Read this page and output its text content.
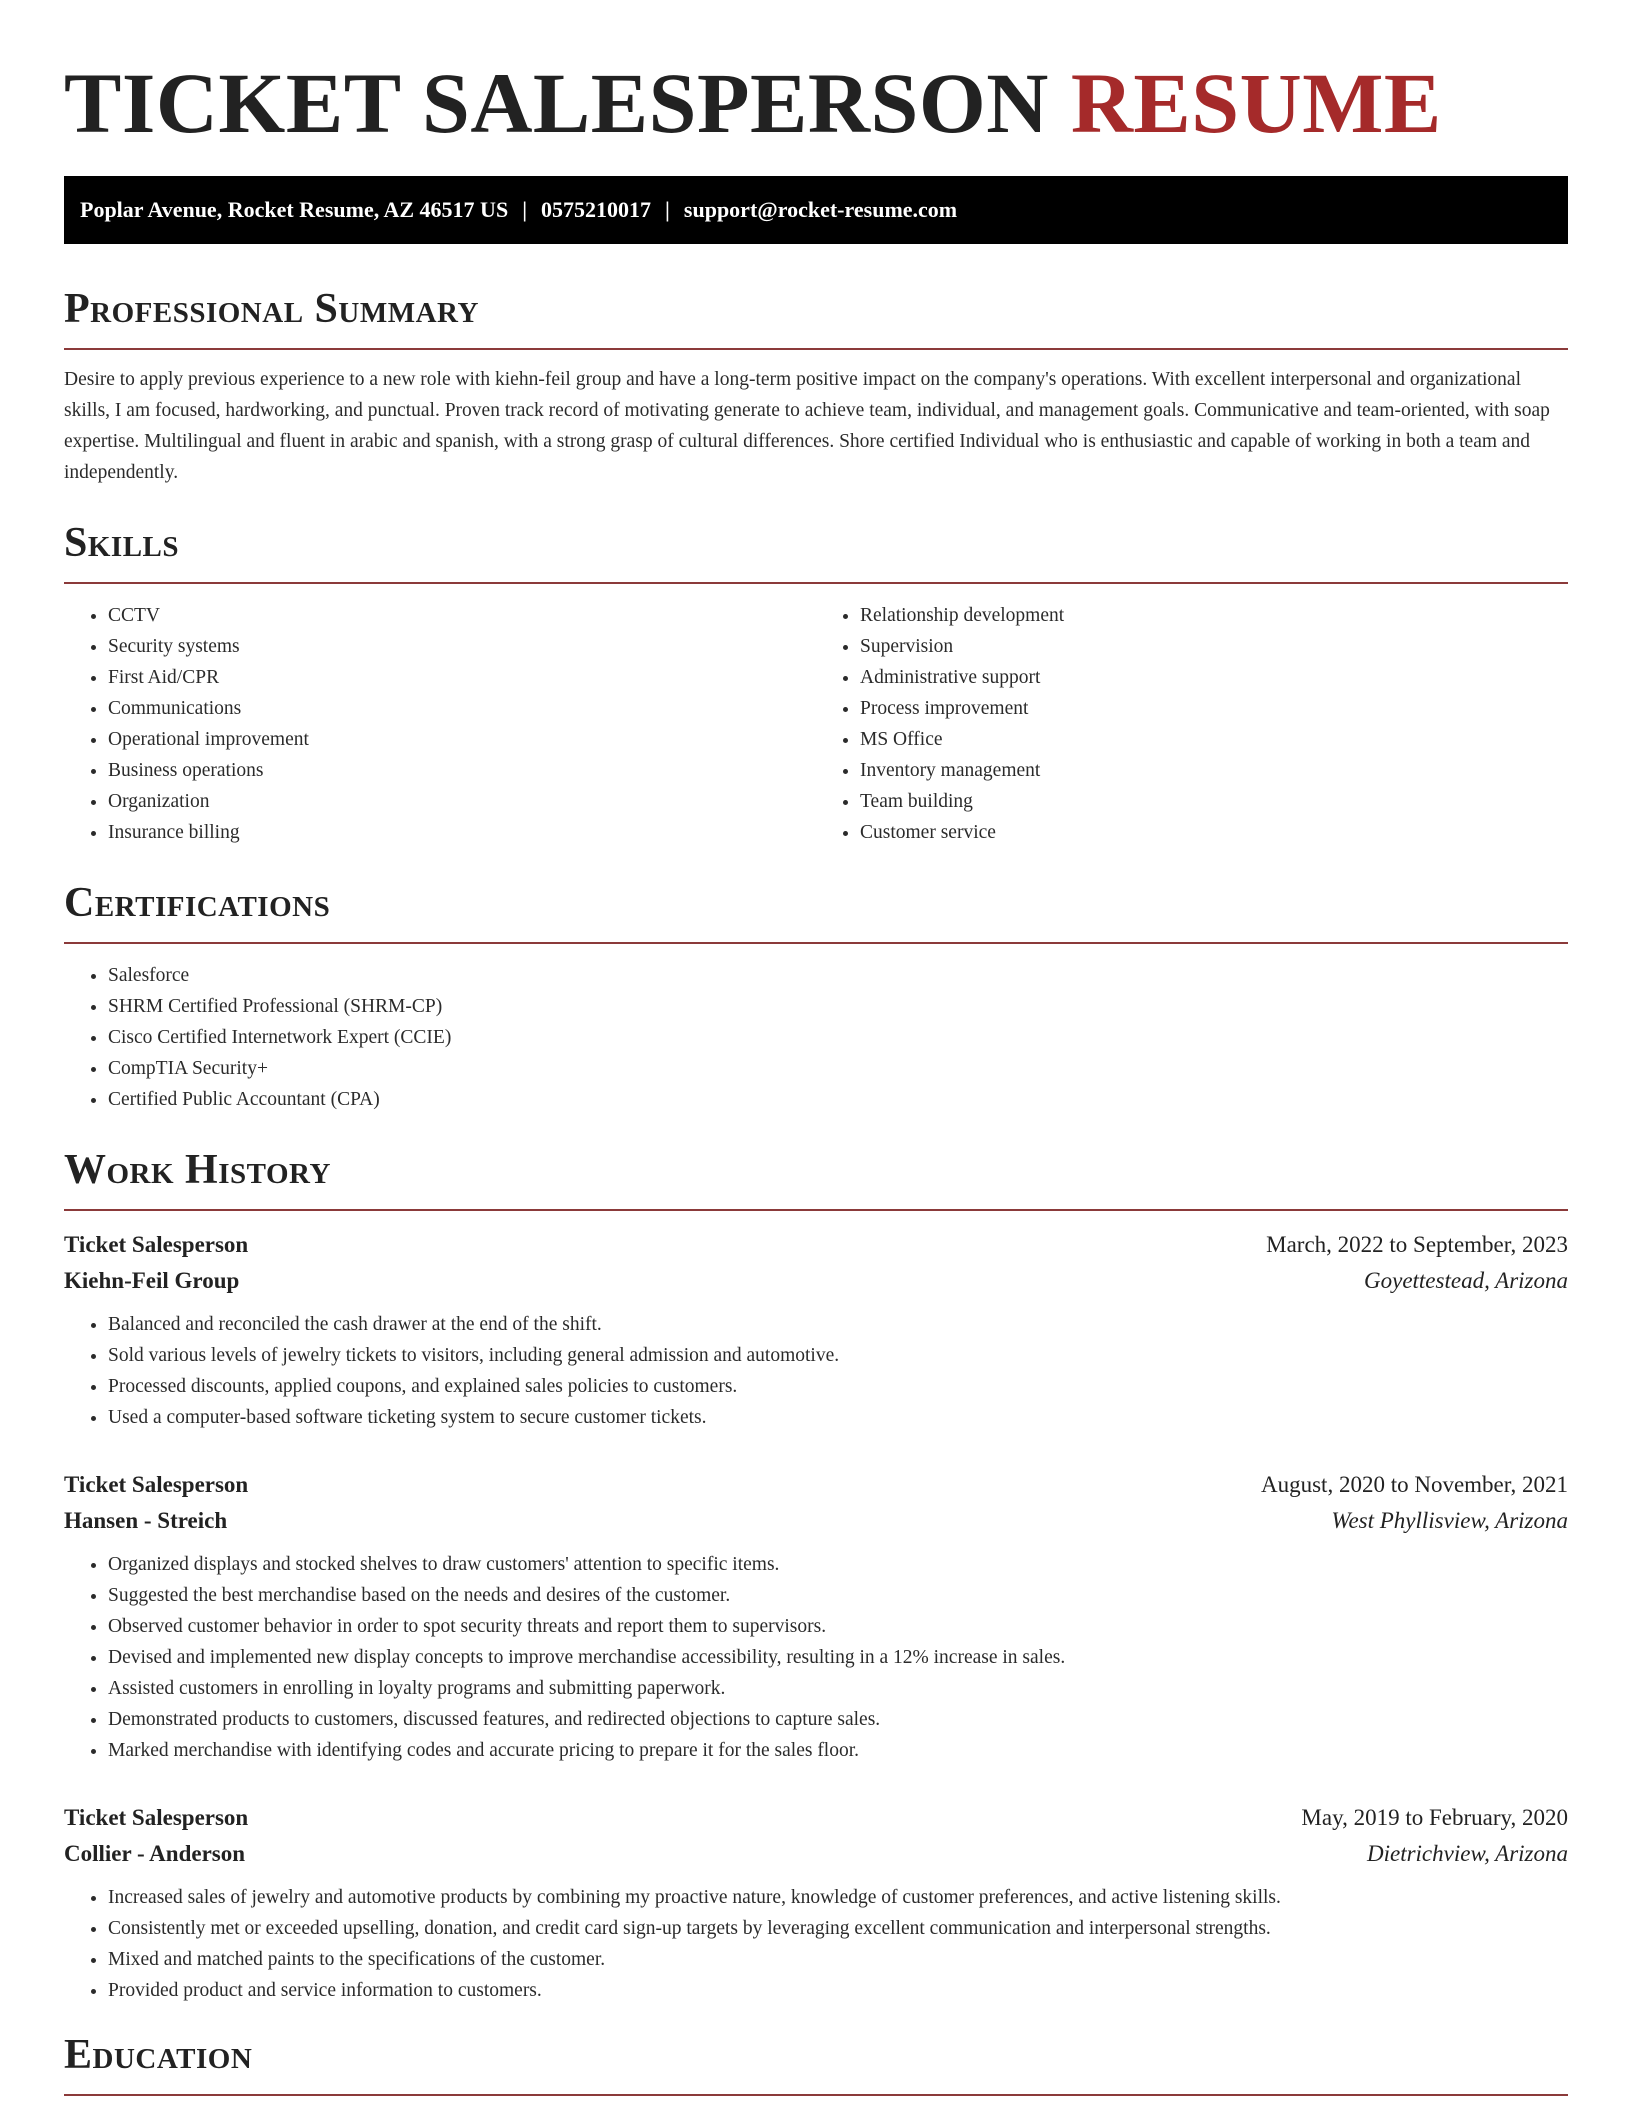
TICKET SALESPERSON RESUME
Poplar Avenue, Rocket Resume, AZ 46517 US | 0575210017 | support@rocket-resume.com
Professional Summary

Desire to apply previous experience to a new role with kiehn-feil group and have a long-term positive impact on the company's operations. With excellent interpersonal and organizational skills, I am focused, hardworking, and punctual. Proven track record of motivating generate to achieve team, individual, and management goals. Communicative and team-oriented, with soap expertise. Multilingual and fluent in arabic and spanish, with a strong grasp of cultural differences. Shore certified Individual who is enthusiastic and capable of working in both a team and independently.

Skills
• CCTV
• Security systems
• First Aid/CPR
• Communications
• Operational improvement
• Business operations
• Organization
• Insurance billing
• Relationship development
• Supervision
• Administrative support
• Process improvement
• MS Office
• Inventory management
• Team building
• Customer service
Certifications
• Salesforce
• SHRM Certified Professional (SHRM-CP)
• Cisco Certified Internetwork Expert (CCIE)
• CompTIA Security+
• Certified Public Accountant (CPA)
Work History
Ticket Salesperson	March, 2022 to September, 2023
Kiehn-Feil Group	Goyettestead, Arizona
• Balanced and reconciled the cash drawer at the end of the shift.
• Sold various levels of jewelry tickets to visitors, including general admission and automotive.
• Processed discounts, applied coupons, and explained sales policies to customers.
• Used a computer-based software ticketing system to secure customer tickets.
Ticket Salesperson	August, 2020 to November, 2021
Hansen - Streich	West Phyllisview, Arizona
• Organized displays and stocked shelves to draw customers' attention to specific items.
• Suggested the best merchandise based on the needs and desires of the customer.
• Observed customer behavior in order to spot security threats and report them to supervisors.
• Devised and implemented new display concepts to improve merchandise accessibility, resulting in a 12% increase in sales.
• Assisted customers in enrolling in loyalty programs and submitting paperwork.
• Demonstrated products to customers, discussed features, and redirected objections to capture sales.
• Marked merchandise with identifying codes and accurate pricing to prepare it for the sales floor.
Ticket Salesperson	May, 2019 to February, 2020
Collier - Anderson	Dietrichview, Arizona
• Increased sales of jewelry and automotive products by combining my proactive nature, knowledge of customer preferences, and active listening skills.
• Consistently met or exceeded upselling, donation, and credit card sign-up targets by leveraging excellent communication and interpersonal strengths.
• Mixed and matched paints to the specifications of the customer.
• Provided product and service information to customers.
Education
